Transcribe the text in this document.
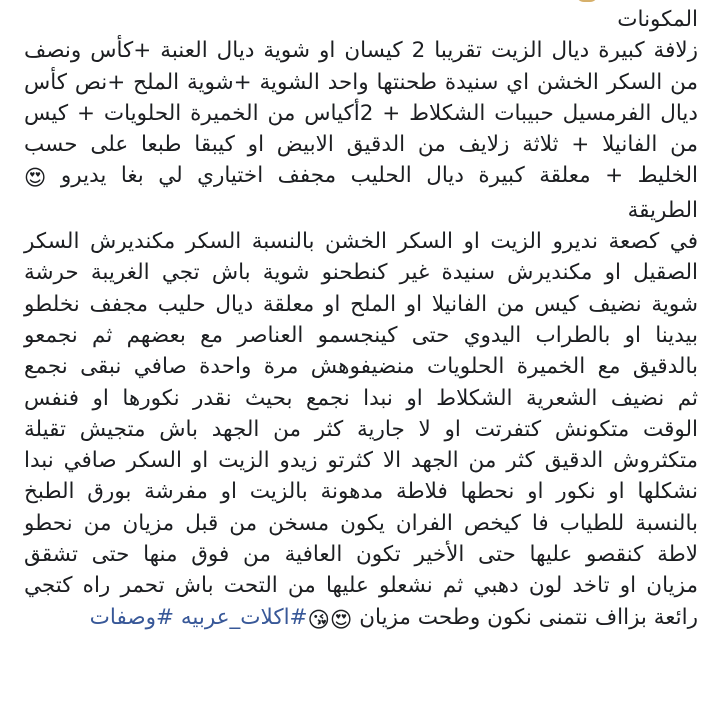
المكونات
زلافة كبيرة ديال الزيت تقريبا 2 كيسان او شوية ديال العنبة +كأس ونصف
من السكر الخشن اي سنيدة طحنتها واحد الشوية +شوية الملح +نص كأس
ديال الفرمسيل حبيبات الشكلاط + 2أكياس من الخميرة الحلويات + كيس
من الفانيلا + ثلاثة زلايف من الدقيق الابيض او كيبقا طبعا على حسب
الخليط + معلقة كبيرة ديال الحليب مجفف اختياري لي بغا يديرو 😍
الطريقة
في كصعة نديرو الزيت او السكر الخشن بالنسبة السكر مكنديرش السكر
الصقيل او مكنديرش سنيدة غير كنطحنو شوية باش تجي الغريبة حرشة
شوية نضيف كيس من الفانيلا او الملح او معلقة ديال حليب مجفف نخلطو
بيدينا او بالطراب اليدوي حتى كينجسمو العناصر مع بعضهم ثم نجمعو
بالدقيق مع الخميرة الحلويات منضيفوهش مرة واحدة صافي نبقى نجمع
ثم نضيف الشعرية الشكلاط او نبدا نجمع بحيث نقدر نكورها او فنفس
الوقت متكونش كتفرتت او لا جارية كثر من الجهد باش متجيش تقيلة
متكثروش الدقيق كثر من الجهد الا كثرتو زيدو الزيت او السكر صافي نبدا
نشكلها او نكور او نحطها فلاطة مدهونة بالزيت او مفرشة بورق الطبخ
بالنسبة للطياب فا كيخص الفران يكون مسخن من قبل مزيان من نحطو
لاطة كنقصو عليها حتى الأخير تكون العافية من فوق منها حتى تشقق
مزيان او تاخد لون دهبي ثم نشعلو عليها من التحت باش تحمر راه كتجي
رائعة بزااف نتمنى نكون وطحت مزيان 😍😘#اكلات_عربيه #وصفات
